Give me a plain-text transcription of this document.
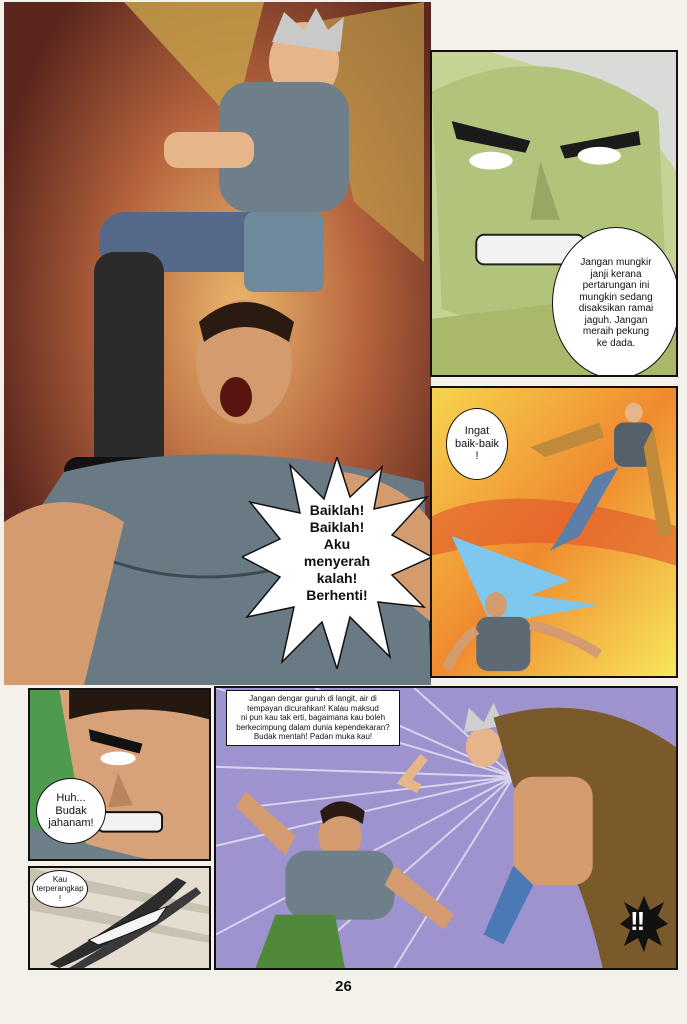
Baiklah!
Baiklah!
Aku
menyerah
kalah!
Berhenti!
Jangan mungkir
janji kerana
pertarungan ini
mungkin sedang
disaksikan ramai
jaguh. Jangan
meraih pekung
ke dada.
Ingat
baik-baik
!
Huh...
Budak
jahanam!
Kau
terperangkap
!
Jangan dengar guruh di langit, air di
tempayan dicurahkan! Kalau maksud
ni pun kau tak erti, bagaimana kau boleh
berkecimpung dalam dunia kependekaran?
Budak mentah! Padan muka kau!
!!
26
